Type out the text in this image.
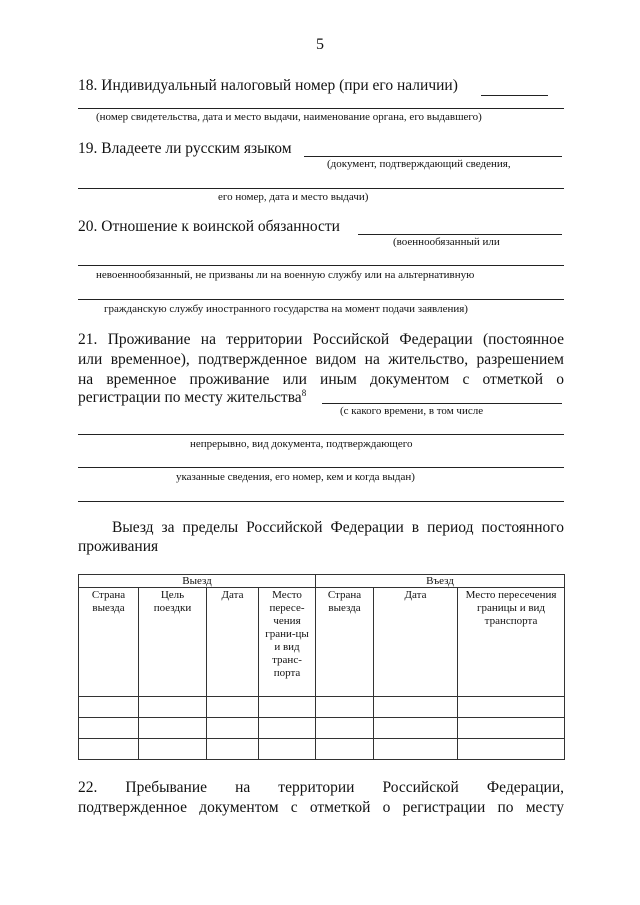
5
18. Индивидуальный налоговый номер (при его наличии)
(номер свидетельства, дата и место выдачи, наименование органа, его выдавшего)
19. Владеете ли русским языком
(документ, подтверждающий сведения,
его номер, дата и место выдачи)
20. Отношение к воинской обязанности
(военнообязанный или
невоеннообязанный, не призваны ли на военную службу или на альтернативную
гражданскую службу иностранного государства на момент подачи заявления)
21. Проживание на территории Российской Федерации (постоянное
или временное), подтвержденное видом на жительство, разрешением
на временное проживание или иным документом с отметкой о
регистрации по месту жительства$^8$
(с какого времени, в том числе
непрерывно, вид документа, подтверждающего
указанные сведения, его номер, кем и когда выдан)
Выезд за пределы Российской Федерации в период постоянного
проживания
Выезд				Въезд		
Страна выезда	Цель поездки	Дата	Место пересе-чения грани-цы и вид транс-порта	Страна выезда	Дата	Место пересечения границы и вид транспорта

22. Пребывание на территории Российской Федерации,
подтвержденное документом с отметкой о регистрации по месту
